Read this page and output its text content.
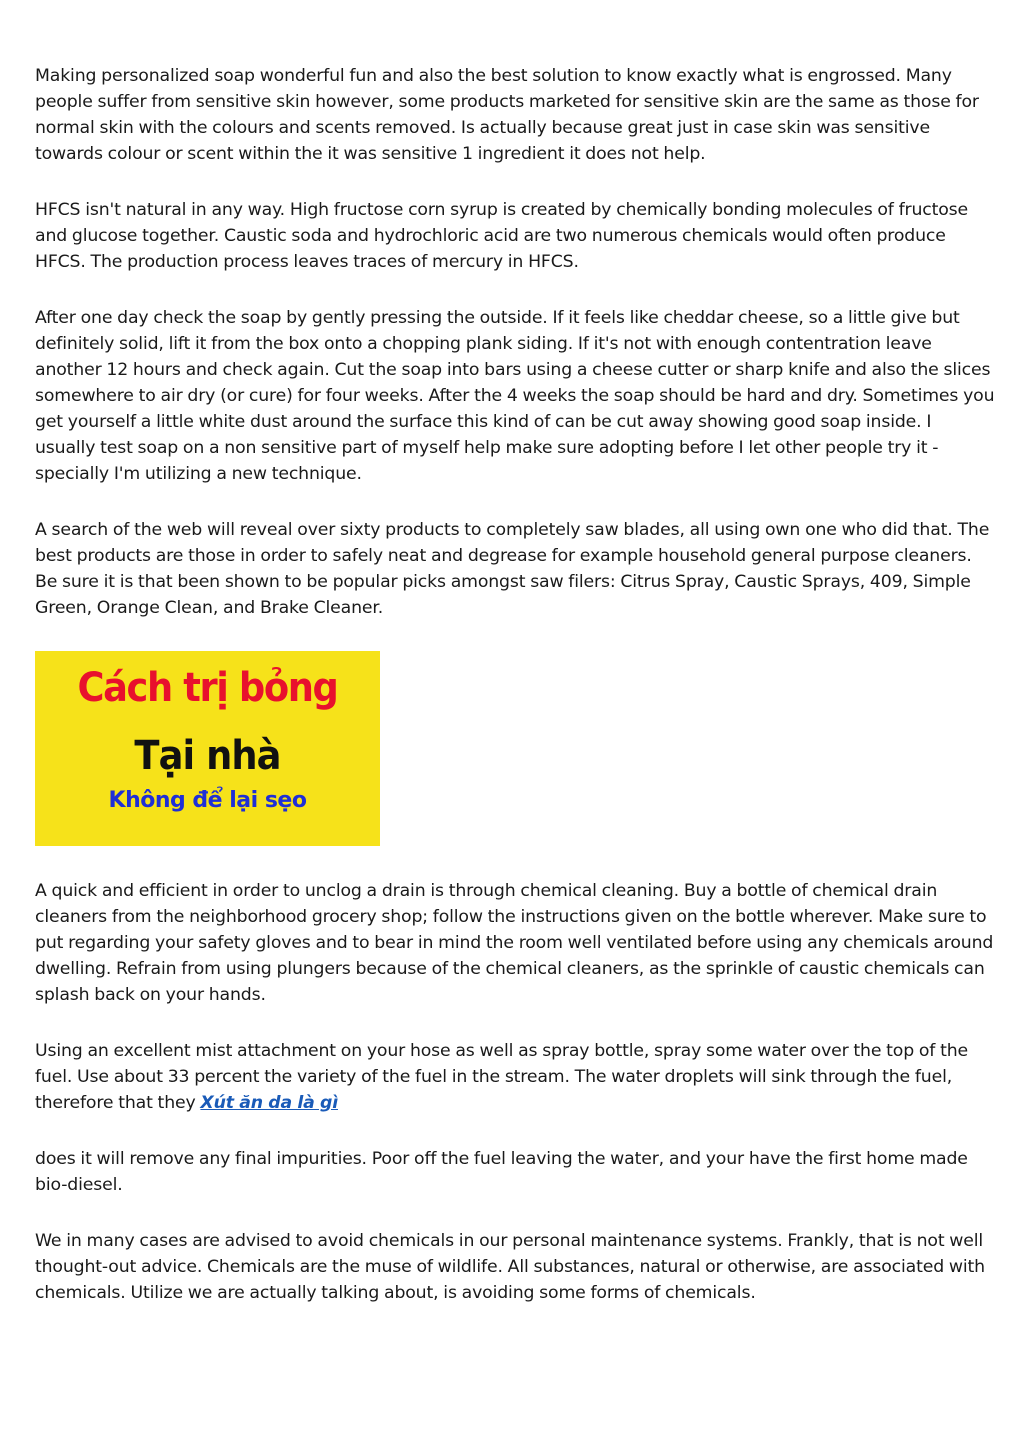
Making personalized soap wonderful fun and also the best solution to know exactly what is engrossed. Many people suffer from sensitive skin however, some products marketed for sensitive skin are the same as those for normal skin with the colours and scents removed. Is actually because great just in case skin was sensitive towards colour or scent within the it was sensitive 1 ingredient it does not help.

HFCS isn't natural in any way. High fructose corn syrup is created by chemically bonding molecules of fructose and glucose together. Caustic soda and hydrochloric acid are two numerous chemicals would often produce HFCS. The production process leaves traces of mercury in HFCS.

After one day check the soap by gently pressing the outside. If it feels like cheddar cheese, so a little give but definitely solid, lift it from the box onto a chopping plank siding. If it's not with enough contentration leave another 12 hours and check again. Cut the soap into bars using a cheese cutter or sharp knife and also the slices somewhere to air dry (or cure) for four weeks. After the 4 weeks the soap should be hard and dry. Sometimes you get yourself a little white dust around the surface this kind of can be cut away showing good soap inside. I usually test soap on a non sensitive part of myself help make sure adopting before I let other people try it - specially I'm utilizing a new technique.

A search of the web will reveal over sixty products to completely saw blades, all using own one who did that. The best products are those in order to safely neat and degrease for example household general purpose cleaners. Be sure it is that been shown to be popular picks amongst saw filers: Citrus Spray, Caustic Sprays, 409, Simple Green, Orange Clean, and Brake Cleaner.

Cách trị bỏng
Tại nhà
Không để lại sẹo

A quick and efficient in order to unclog a drain is through chemical cleaning. Buy a bottle of chemical drain cleaners from the neighborhood grocery shop; follow the instructions given on the bottle wherever. Make sure to put regarding your safety gloves and to bear in mind the room well ventilated before using any chemicals around dwelling. Refrain from using plungers because of the chemical cleaners, as the sprinkle of caustic chemicals can splash back on your hands.

Using an excellent mist attachment on your hose as well as spray bottle, spray some water over the top of the fuel. Use about 33 percent the variety of the fuel in the stream. The water droplets will sink through the fuel, therefore that they Xút ăn da là gì

does it will remove any final impurities. Poor off the fuel leaving the water, and your have the first home made bio-diesel.

We in many cases are advised to avoid chemicals in our personal maintenance systems. Frankly, that is not well thought-out advice. Chemicals are the muse of wildlife. All substances, natural or otherwise, are associated with chemicals. Utilize we are actually talking about, is avoiding some forms of chemicals.
